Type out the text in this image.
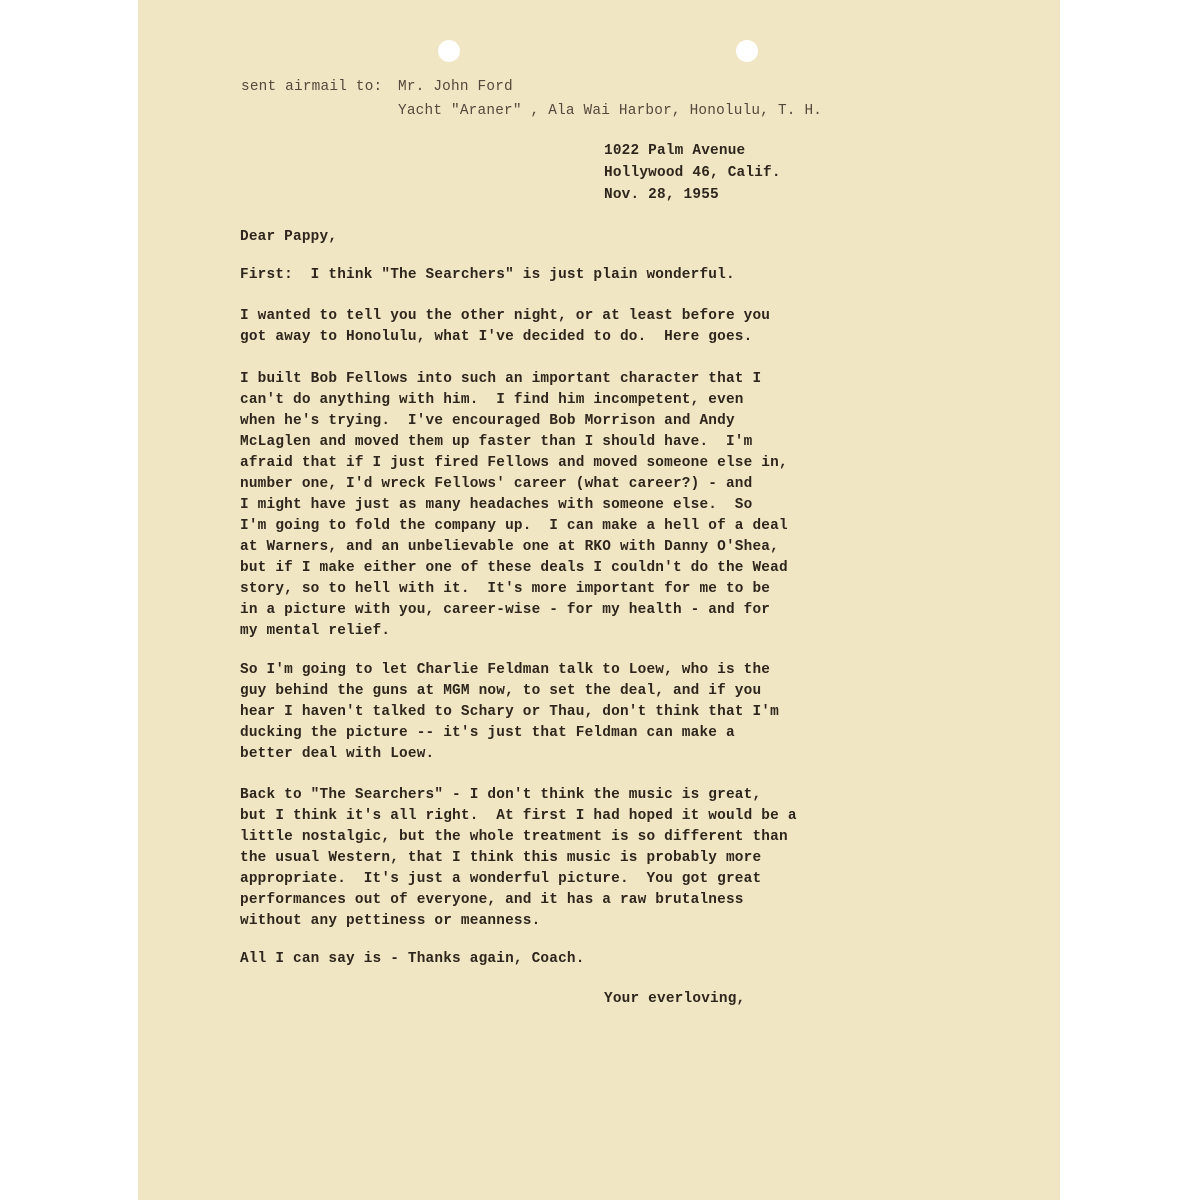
sent airmail to: Mr. John Ford
Yacht "Araner" , Ala Wai Harbor, Honolulu, T. H.
1022 Palm Avenue
Hollywood 46, Calif.
Nov. 28, 1955
Dear Pappy,
First:  I think "The Searchers" is just plain wonderful.
I wanted to tell you the other night, or at least before you
got away to Honolulu, what I've decided to do.  Here goes.
I built Bob Fellows into such an important character that I
can't do anything with him.  I find him incompetent, even
when he's trying.  I've encouraged Bob Morrison and Andy
McLaglen and moved them up faster than I should have.  I'm
afraid that if I just fired Fellows and moved someone else in,
number one, I'd wreck Fellows' career (what career?) - and
I might have just as many headaches with someone else.  So
I'm going to fold the company up.  I can make a hell of a deal
at Warners, and an unbelievable one at RKO with Danny O'Shea,
but if I make either one of these deals I couldn't do the Wead
story, so to hell with it.  It's more important for me to be
in a picture with you, career-wise - for my health - and for
my mental relief.
So I'm going to let Charlie Feldman talk to Loew, who is the
guy behind the guns at MGM now, to set the deal, and if you
hear I haven't talked to Schary or Thau, don't think that I'm
ducking the picture -- it's just that Feldman can make a
better deal with Loew.
Back to "The Searchers" - I don't think the music is great,
but I think it's all right.  At first I had hoped it would be a
little nostalgic, but the whole treatment is so different than
the usual Western, that I think this music is probably more
appropriate.  It's just a wonderful picture.  You got great
performances out of everyone, and it has a raw brutalness
without any pettiness or meanness.
All I can say is - Thanks again, Coach.
Your everloving,
